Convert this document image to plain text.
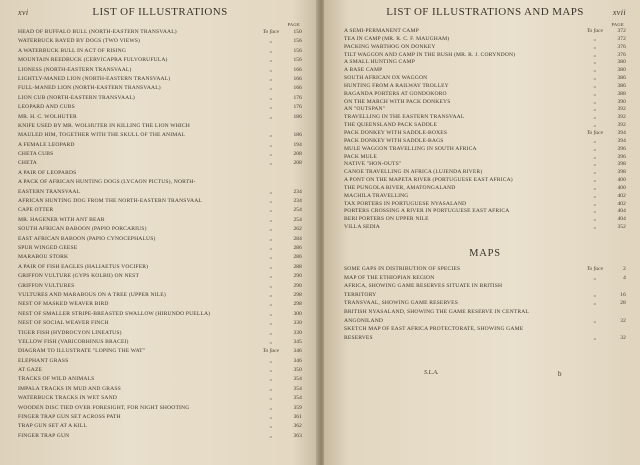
xvi	LIST OF ILLUSTRATIONS
PAGE
HEAD OF BUFFALO BULL (NORTH-EASTERN TRANSVAAL)	To face	150
WATERBUCK BAYED BY DOGS (TWO VIEWS)	„	156
A WATERBUCK BULL IN ACT OF RISING	„	156
MOUNTAIN REEDBUCK (CERVICAPRA FULVORUFULA)	„	156
LIONESS (NORTH-EASTERN TRANSVAAL)	„	166
LIGHTLY-MANED LION (NORTH-EASTERN TRANSVAAL)	„	166
FULL-MANED LION (NORTH-EASTERN TRANSVAAL)	„	166
LION CUB (NORTH-EASTERN TRANSVAAL)	„	176
LEOPARD AND CUBS	„	176
MR. H. C. WOLHUTER	„	186
KNIFE USED BY MR. WOLHUTER IN KILLING THE LION WHICH
MAULED HIM, TOGETHER WITH THE SKULL OF THE ANIMAL	„	186
A FEMALE LEOPARD	„	194
CHETA CUBS	„	208
CHETA	„	208
A PAIR OF LEOPARDS
A PACK OF AFRICAN HUNTING DOGS (LYCAON PICTUS), NORTH-
EASTERN TRANSVAAL	„	234
AFRICAN HUNTING DOG FROM THE NORTH-EASTERN TRANSVAAL	„	234
CAPE OTTER	„	254
MR. HAGENER WITH ANT BEAR	„	254
SOUTH AFRICAN BABOON (PAPIO PORCARIUS)	„	262
EAST AFRICAN BABOON (PAPIO CYNOCEPHALUS)	„	284
SPUR WINGED GEESE	„	286
MARABOU STORK	„	286
A PAIR OF FISH EAGLES (HALIAETUS VOCIFER)	„	288
GRIFFON VULTURE (GYPS KOLBII) ON NEST	„	290
GRIFFON VULTURES	„	290
VULTURES AND MARABOUS ON A TREE (UPPER NILE)	„	298
NEST OF MASKED WEAVER BIRD	„	298
NEST OF SMALLER STRIPE-BREASTED SWALLOW (HIRUNDO PUELLA)	„	300
NEST OF SOCIAL WEAVER FINCH	„	330
TIGER FISH (HYDROCYON LINEATUS)	„	330
YELLOW FISH (VARICORHINUS BRACEI)	„	345
DIAGRAM TO ILLUSTRATE "LOPING THE WAT"	To face	346
ELEPHANT GRASS	„	346
AT GAZE	„	350
TRACKS OF WILD ANIMALS	„	354
IMPALA TRACKS IN MUD AND GRASS	„	354
WATERBUCK TRACKS IN WET SAND	„	354
WOODEN DISC TIED OVER FORESIGHT, FOR NIGHT SHOOTING	„	359
FINGER TRAP GUN SET ACROSS PATH	„	361
TRAP GUN SET AT A KILL	„	362
FINGER TRAP GUN	„	363
LIST OF ILLUSTRATIONS AND MAPS	xvii
PAGE
A SEMI-PERMANENT CAMP	To face	372
TEA IN CAMP (MR. R. C. F. MAUGHAM)	„	372
PACKING WARTHOG ON DONKEY	„	376
TILT WAGGON AND CAMP IN THE BUSH (MR. R. J. CORYNDON)	„	376
A SMALL HUNTING CAMP	„	380
A BASE CAMP	„	380
SOUTH AFRICAN OX WAGGON	„	386
HUNTING FROM A RAILWAY TROLLEY	„	386
BAGANDA PORTERS AT GONDOKORO	„	388
ON THE MARCH WITH PACK DONKEYS	„	390
AN "OUTSPAN"	„	392
TRAVELLING IN THE EASTERN TRANSVAAL	„	392
THE QUEENSLAND PACK SADDLE	„	392
PACK DONKEY WITH SADDLE-BOXES	To face	394
PACK DONKEY WITH SADDLE-BAGS	„	394
MULE WAGGON TRAVELLING IN SOUTH AFRICA	„	396
PACK MULE	„	396
NATIVE "HON-OUTS"	„	398
CANOE TRAVELLING IN AFRICA (LUJENDA RIVER)	„	398
A PONT ON THE MAPETA RIVER (PORTUGUESE EAST AFRICA)	„	400
THE PUNGOLA RIVER, AMATONGALAND	„	400
MACHILA TRAVELLING	„	402
TAX PORTERS IN PORTUGUESE NYASALAND	„	402
PORTERS CROSSING A RIVER IN PORTUGUESE EAST AFRICA	„	404
BERI PORTERS ON UPPER NILE	„	404
VILLA SEDIA	„	352
MAPS
SOME GAPS IN DISTRIBUTION OF SPECIES	To face	2
MAP OF THE ETHIOPIAN REGION	„	4
AFRICA, SHOWING GAME RESERVES SITUATE IN BRITISH
TERRITORY	„	16
TRANSVAAL, SHOWING GAME RESERVES	„	28
BRITISH NYASALAND, SHOWING THE GAME RESERVE IN CENTRAL
ANGONILAND	„	32
SKETCH MAP OF EAST AFRICA PROTECTORATE, SHOWING GAME
RESERVES	„	32
S.L.A.	b
